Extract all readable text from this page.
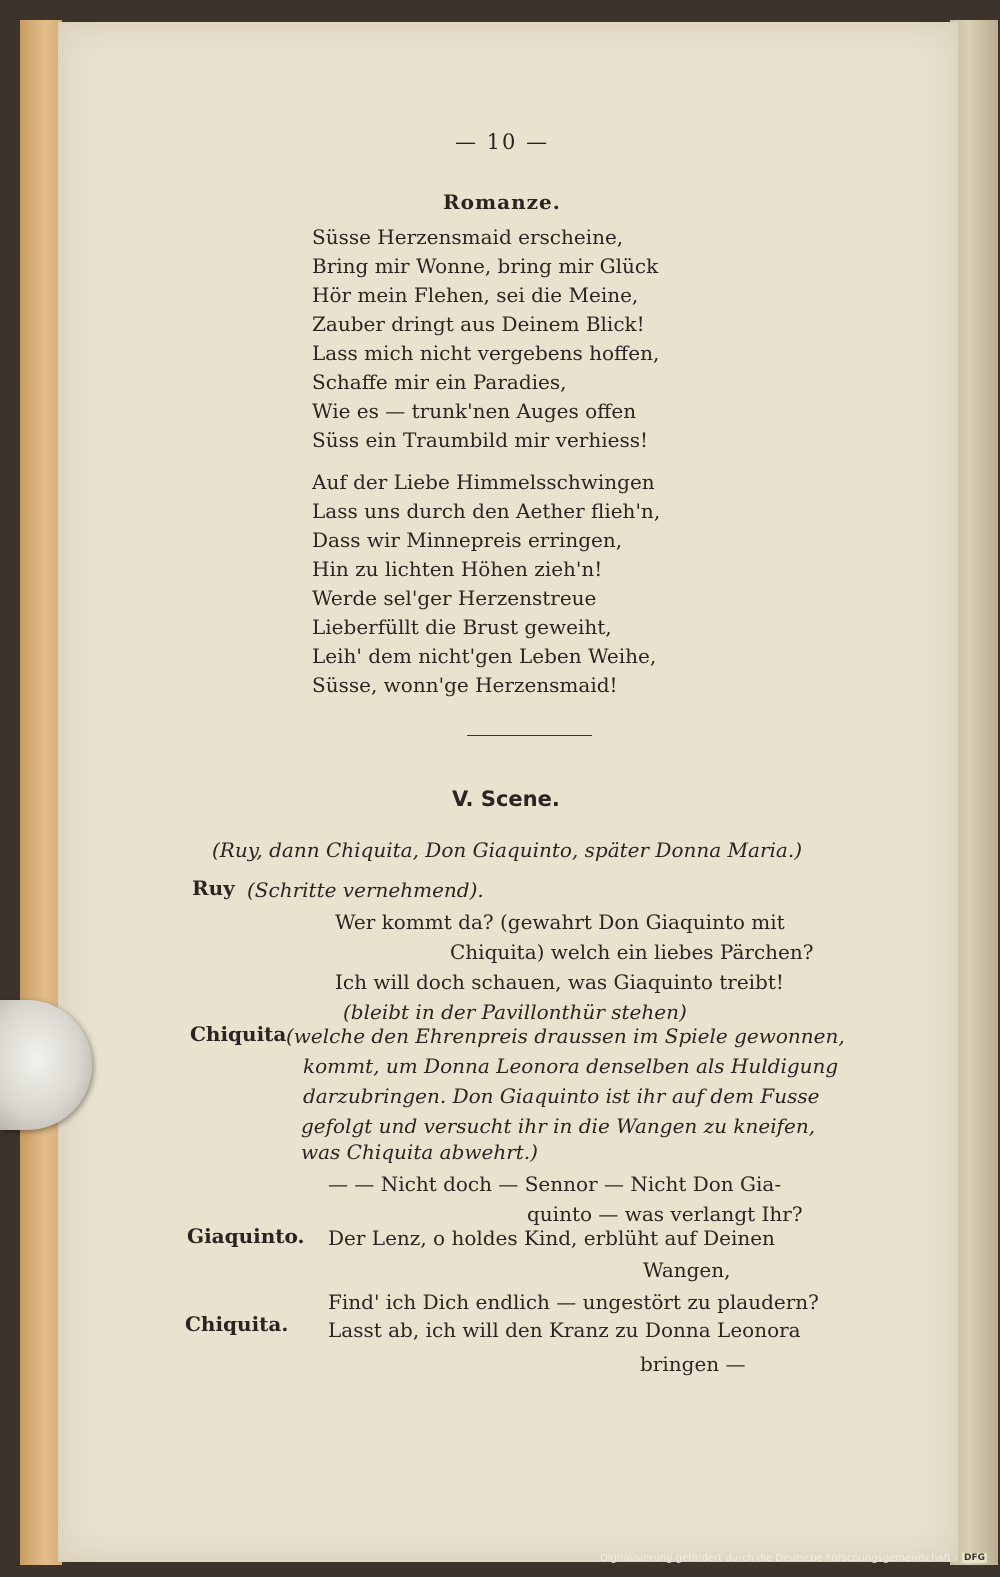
— 10 —
Romanze.
Süsse Herzensmaid erscheine,
Bring mir Wonne, bring mir Glück
Hör mein Flehen, sei die Meine,
Zauber dringt aus Deinem Blick!
Lass mich nicht vergebens hoffen,
Schaffe mir ein Paradies,
Wie es — trunk'nen Auges offen
Süss ein Traumbild mir verhiess!
Auf der Liebe Himmelsschwingen
Lass uns durch den Aether flieh'n,
Dass wir Minnepreis erringen,
Hin zu lichten Höhen zieh'n!
Werde sel'ger Herzenstreue
Lieberfüllt die Brust geweiht,
Leih' dem nicht'gen Leben Weihe,
Süsse, wonn'ge Herzensmaid!
V. Scene.
(Ruy, dann Chiquita, Don Giaquinto, später Donna Maria.)
Ruy (Schritte vernehmend).
Wer kommt da? (gewahrt Don Giaquinto mit
Chiquita) welch ein liebes Pärchen?
Ich will doch schauen, was Giaquinto treibt!
(bleibt in der Pavillonthür stehen)
Chiquita (welche den Ehrenpreis draussen im Spiele gewonnen,
kommt, um Donna Leonora denselben als Huldigung
darzubringen. Don Giaquinto ist ihr auf dem Fusse
gefolgt und versucht ihr in die Wangen zu kneifen,
was Chiquita abwehrt.)
— — Nicht doch — Sennor — Nicht Don Gia-
quinto — was verlangt Ihr?
Giaquinto. Der Lenz, o holdes Kind, erblüht auf Deinen
Wangen,
Find' ich Dich endlich — ungestört zu plaudern?
Chiquita. Lasst ab, ich will den Kranz zu Donna Leonora
bringen —
Digitalisierung gefördert durch die Deutsche Forschungsgemeinschaft - DFG
